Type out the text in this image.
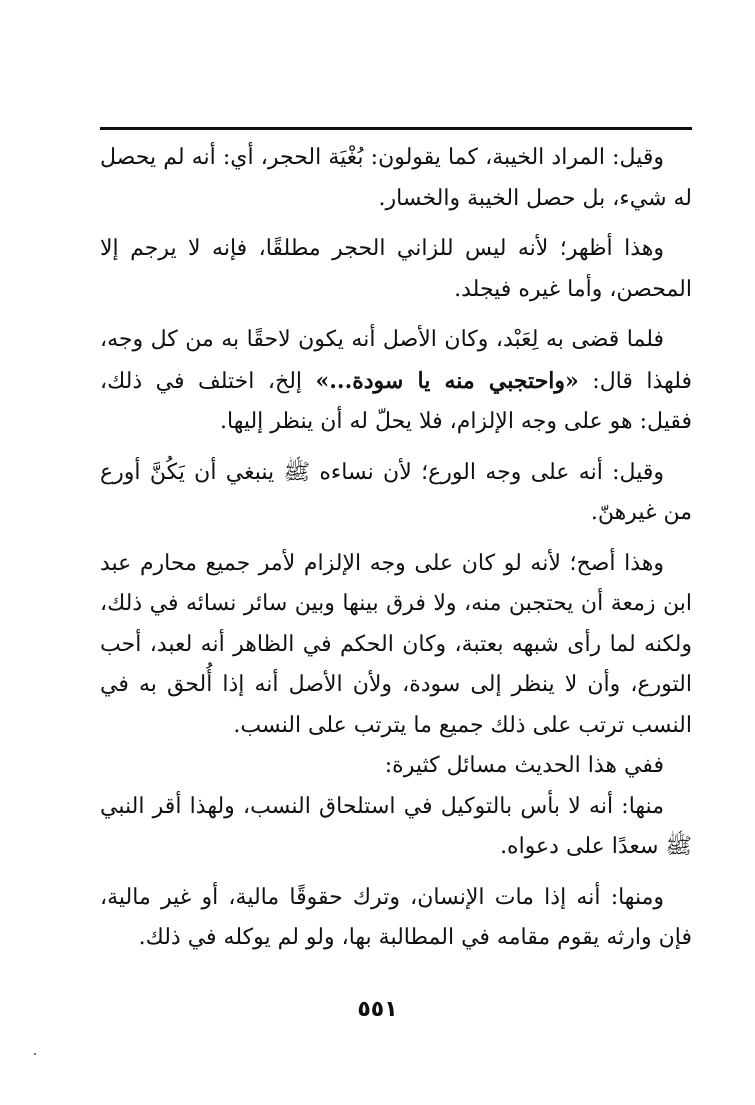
وقيل: المراد الخيبة، كما يقولون: بُغْيَة الحجر، أي: أنه لم يحصل له شيء، بل حصل الخيبة والخسار.

وهذا أظهر؛ لأنه ليس للزاني الحجر مطلقًا، فإنه لا يرجم إلا المحصن، وأما غيره فيجلد.

فلما قضى به لِعَبْد، وكان الأصل أنه يكون لاحقًا به من كل وجه، فلهذا قال: «واحتجبي منه يا سودة...» إلخ، اختلف في ذلك، فقيل: هو على وجه الإلزام، فلا يحلّ له أن ينظر إليها.

وقيل: أنه على وجه الورع؛ لأن نساءه ﷺ ينبغي أن يَكُنَّ أورع من غيرهنّ.

وهذا أصح؛ لأنه لو كان على وجه الإلزام لأمر جميع محارم عبد ابن زمعة أن يحتجبن منه، ولا فرق بينها وبين سائر نسائه في ذلك، ولكنه لما رأى شبهه بعتبة، وكان الحكم في الظاهر أنه لعبد، أحب التورع، وأن لا ينظر إلى سودة، ولأن الأصل أنه إذا أُلحق به في النسب ترتب على ذلك جميع ما يترتب على النسب.

ففي هذا الحديث مسائل كثيرة:

منها: أنه لا بأس بالتوكيل في استلحاق النسب، ولهذا أقر النبي ﷺ سعدًا على دعواه.

ومنها: أنه إذا مات الإنسان، وترك حقوقًا مالية، أو غير مالية، فإن وارثه يقوم مقامه في المطالبة بها، ولو لم يوكله في ذلك.

٥٥١
